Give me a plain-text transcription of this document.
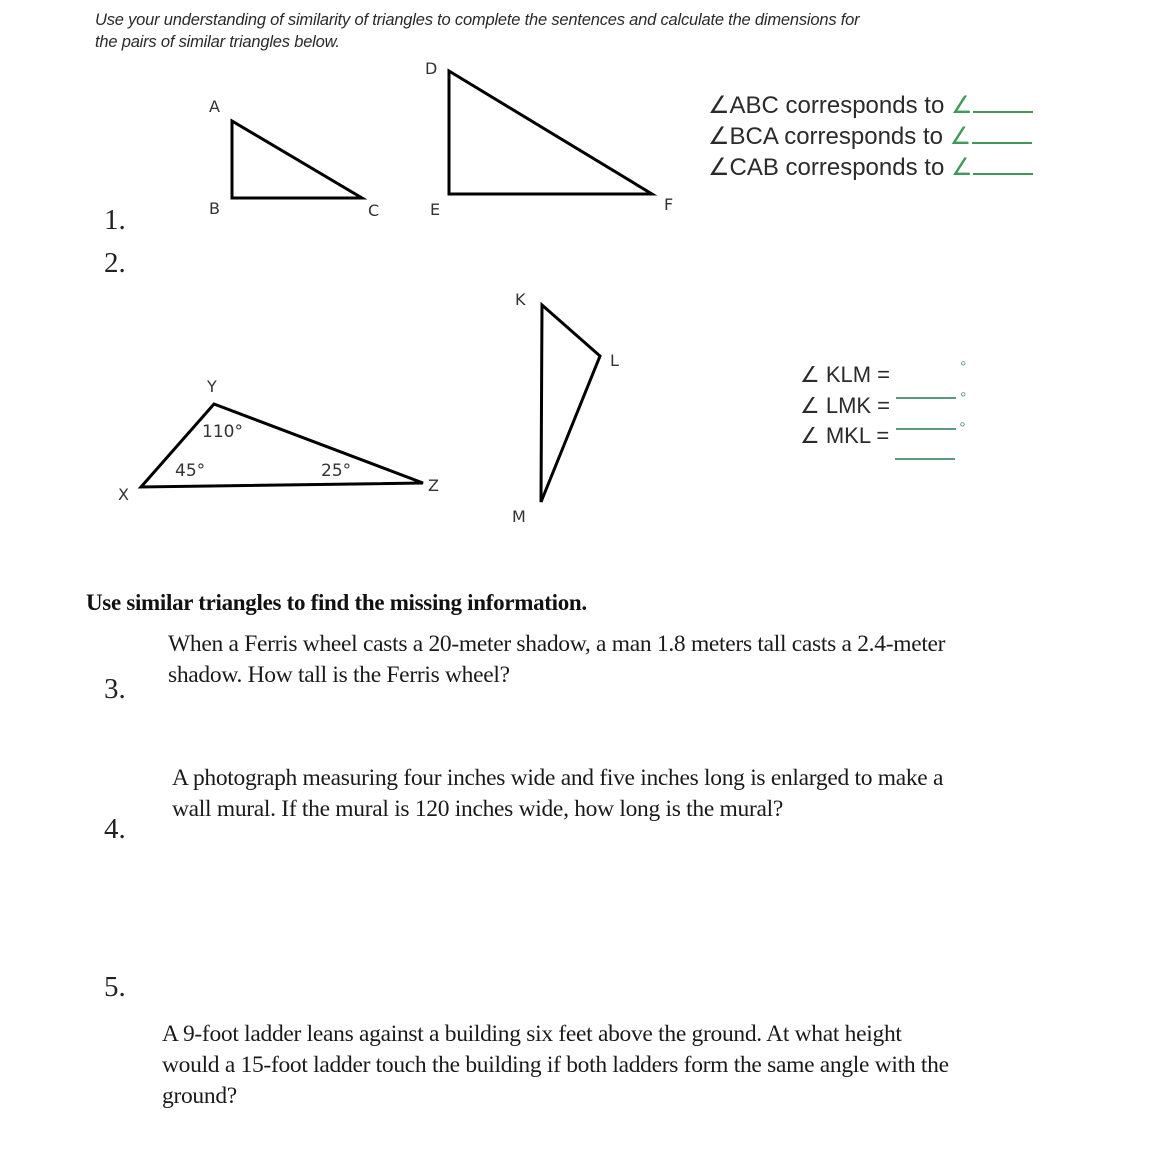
Use your understanding of similarity of triangles to complete the sentences and calculate the dimensions for
the pairs of similar triangles below.
A
B	C
D
E	F
Y
X	Z
110°
45°	25°
K
L
M
∠ABC corresponds to ∠
∠BCA corresponds to ∠
∠CAB corresponds to ∠
1.
2.
∠ KLM =	°
∠ LMK =	°
∠ MKL =	°
Use similar triangles to find the missing information.
When a Ferris wheel casts a 20-meter shadow, a man 1.8 meters tall casts a 2.4-meter
shadow. How tall is the Ferris wheel?
3.
A photograph measuring four inches wide and five inches long is enlarged to make a
wall mural. If the mural is 120 inches wide, how long is the mural?
4.
5.
A 9-foot ladder leans against a building six feet above the ground. At what height
would a 15-foot ladder touch the building if both ladders form the same angle with the
ground?
